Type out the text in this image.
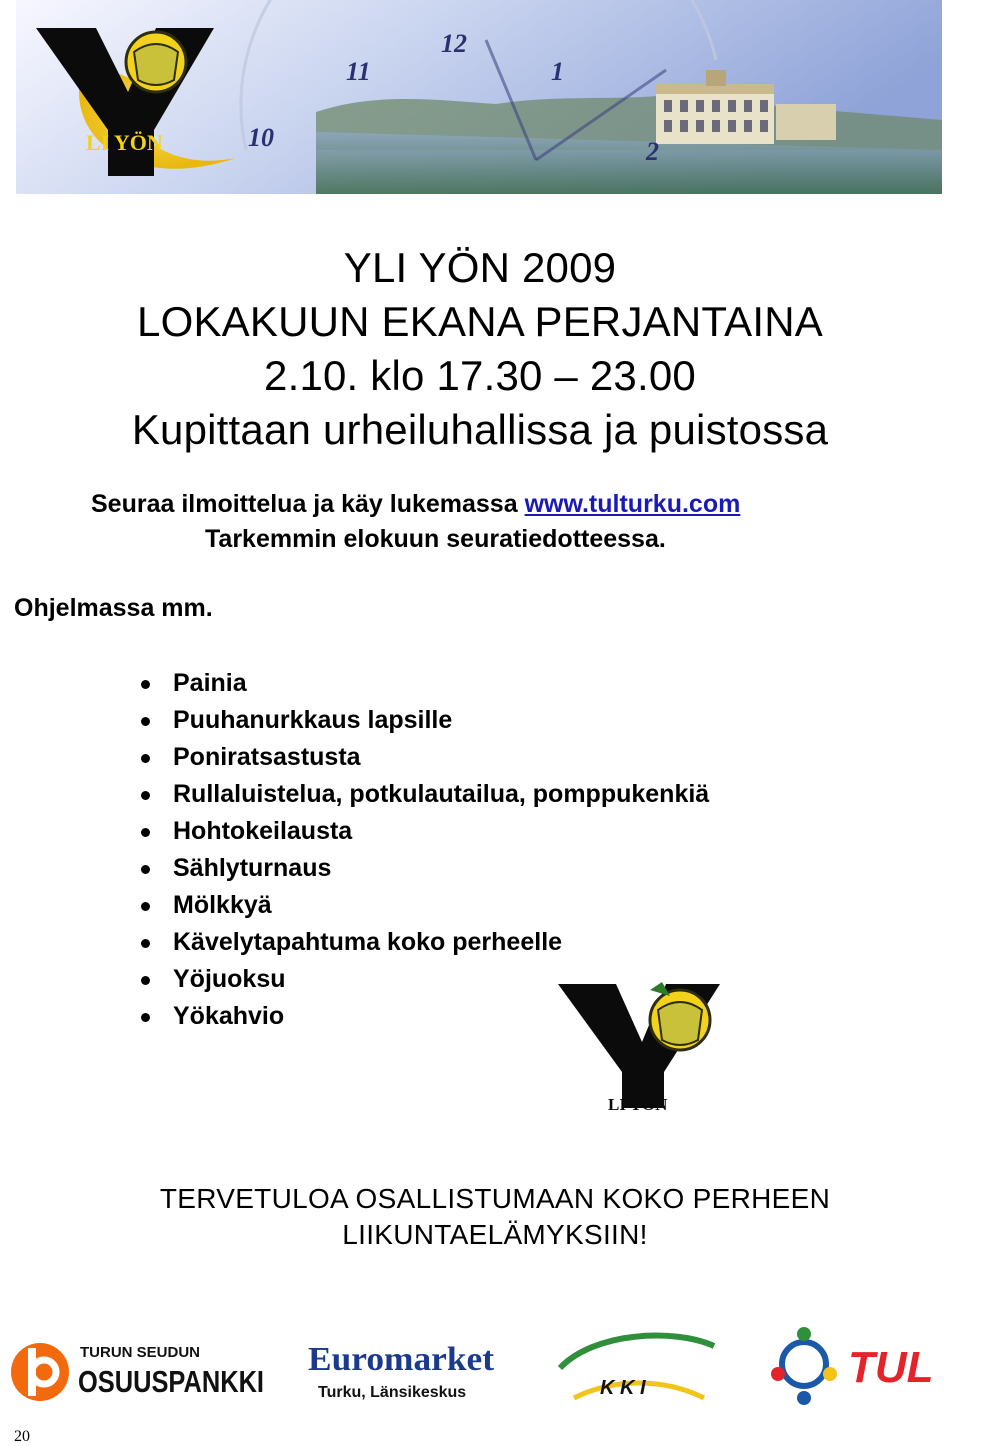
12
11	1
10	2
LI YÖN
YLI YÖN 2009
LOKAKUUN EKANA PERJANTAINA
2.10. klo 17.30 – 23.00
Kupittaan urheiluhallissa ja puistossa
Seuraa ilmoittelua ja käy lukemassa www.tulturku.com
Tarkemmin elokuun seuratiedotteessa.
Ohjelmassa mm.
Painia
Puuhanurkkaus lapsille
Poniratsastusta
Rullaluistelua, potkulautailua, pomppukenkiä
Hohtokeilausta
Sählyturnaus
Mölkkyä
Kävelytapahtuma koko perheelle
Yöjuoksu
Yökahvio
LI YÖN
TERVETULOA OSALLISTUMAAN KOKO PERHEEN
LIIKUNTAELÄMYKSIIN!
TURUN SEUDUN
OSUUSPANKKI
Euromarket
Turku, Länsikeskus	K K I	TUL
20
